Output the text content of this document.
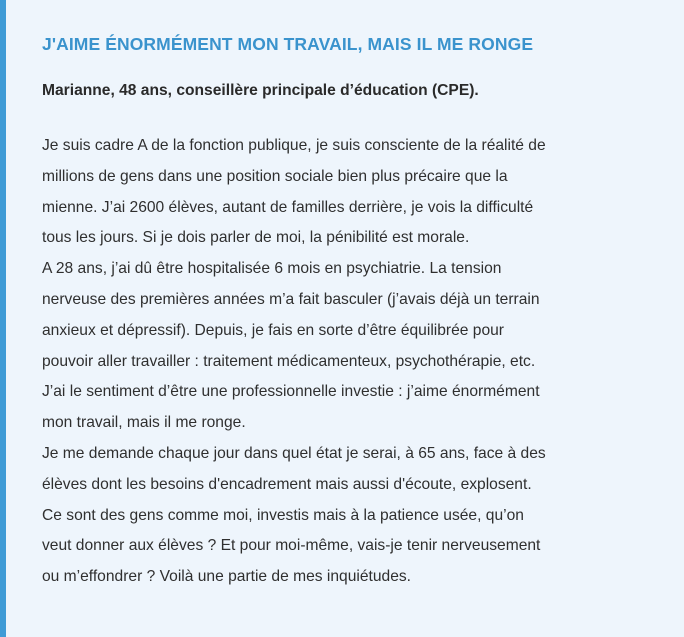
J'AIME ÉNORMÉMENT MON TRAVAIL, MAIS IL ME RONGE

Marianne, 48 ans, conseillère principale d’éducation (CPE).

Je suis cadre A de la fonction publique, je suis consciente de la réalité de
millions de gens dans une position sociale bien plus précaire que la
mienne. J’ai 2600 élèves, autant de familles derrière, je vois la difficulté
tous les jours. Si je dois parler de moi, la pénibilité est morale.
A 28 ans, j’ai dû être hospitalisée 6 mois en psychiatrie. La tension
nerveuse des premières années m’a fait basculer (j’avais déjà un terrain
anxieux et dépressif). Depuis, je fais en sorte d’être équilibrée pour
pouvoir aller travailler : traitement médicamenteux, psychothérapie, etc.
J’ai le sentiment d’être une professionnelle investie : j’aime énormément
mon travail, mais il me ronge.
Je me demande chaque jour dans quel état je serai, à 65 ans, face à des
élèves dont les besoins d'encadrement mais aussi d'écoute, explosent.
Ce sont des gens comme moi, investis mais à la patience usée, qu’on
veut donner aux élèves ? Et pour moi-même, vais-je tenir nerveusement
ou m’effondrer ? Voilà une partie de mes inquiétudes.
